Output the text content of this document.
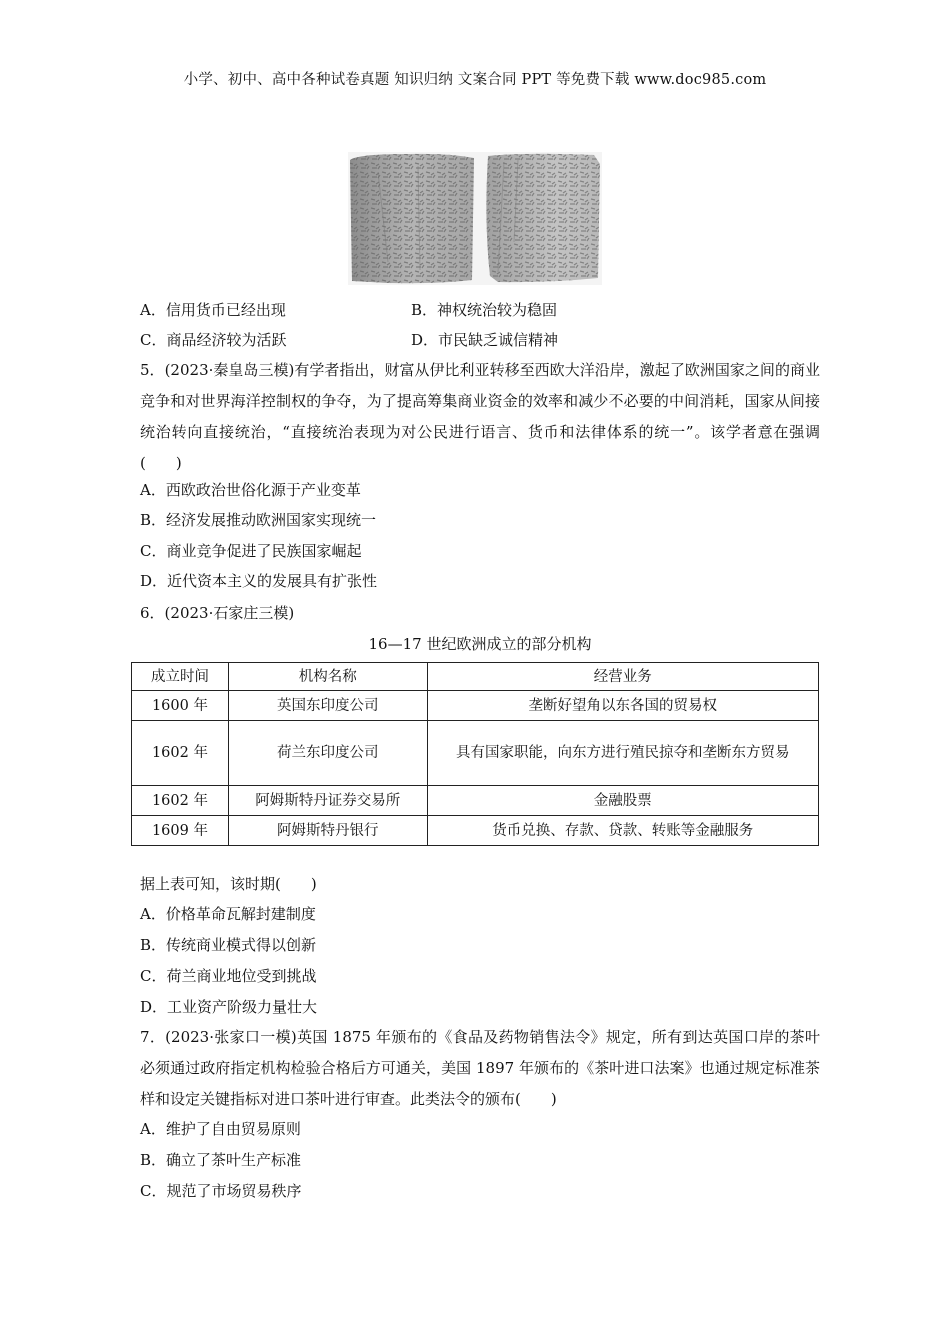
小学、初中、高中各种试卷真题 知识归纳 文案合同 PPT 等免费下载 www.doc985.com
A．信用货币已经出现	B．神权统治较为稳固
C．商品经济较为活跃	D．市民缺乏诚信精神
5．(2023·秦皇岛三模)有学者指出，财富从伊比利亚转移至西欧大洋沿岸，激起了欧洲国家之间的商业竞争和对世界海洋控制权的争夺，为了提高筹集商业资金的效率和减少不必要的中间消耗，国家从间接统治转向直接统治，“直接统治表现为对公民进行语言、货币和法律体系的统一”。该学者意在强调(　　)
A．西欧政治世俗化源于产业变革
B．经济发展推动欧洲国家实现统一
C．商业竞争促进了民族国家崛起
D．近代资本主义的发展具有扩张性
6．(2023·石家庄三模)
16—17 世纪欧洲成立的部分机构
成立时间	机构名称	经营业务
1600 年	英国东印度公司	垄断好望角以东各国的贸易权
1602 年	荷兰东印度公司	具有国家职能，向东方进行殖民掠夺和垄断东方贸易
1602 年	阿姆斯特丹证券交易所	金融股票
1609 年	阿姆斯特丹银行	货币兑换、存款、贷款、转账等金融服务
据上表可知，该时期(　　)
A．价格革命瓦解封建制度
B．传统商业模式得以创新
C．荷兰商业地位受到挑战
D．工业资产阶级力量壮大
7．(2023·张家口一模)英国 1875 年颁布的《食品及药物销售法令》规定，所有到达英国口岸的茶叶必须通过政府指定机构检验合格后方可通关，美国 1897 年颁布的《茶叶进口法案》也通过规定标准茶样和设定关键指标对进口茶叶进行审查。此类法令的颁布(　　)
A．维护了自由贸易原则
B．确立了茶叶生产标准
C．规范了市场贸易秩序
